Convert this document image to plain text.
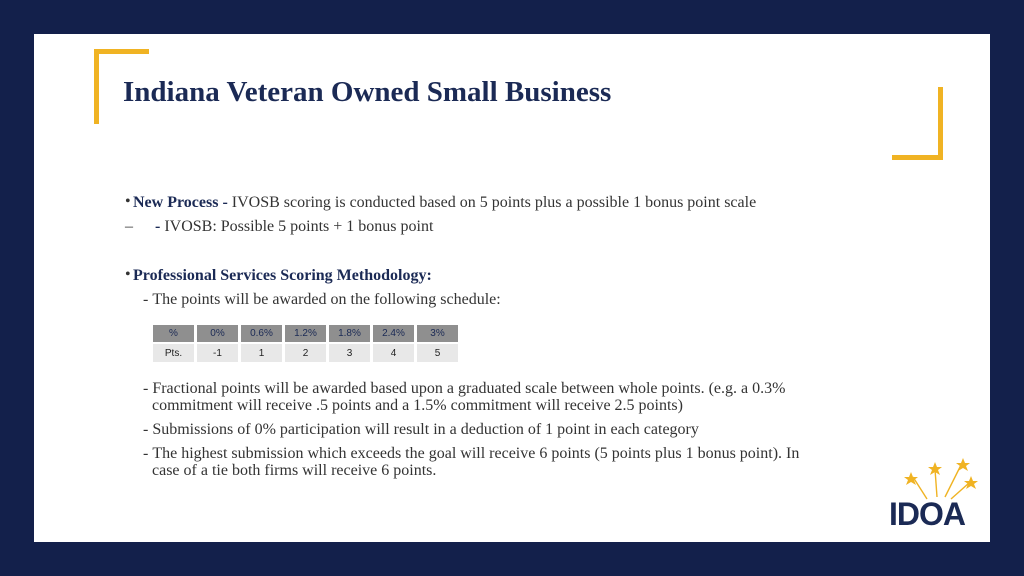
Indiana Veteran Owned Small Business
• New Process - IVOSB scoring is conducted based on 5 points plus a possible 1 bonus point scale
– - IVOSB: Possible 5 points + 1 bonus point
• Professional Services Scoring Methodology:
- The points will be awarded on the following schedule:
%	0%	0.6%	1.2%	1.8%	2.4%	3%
Pts.	-1	1	2	3	4	5
- Fractional points will be awarded based upon a graduated scale between whole points. (e.g. a 0.3%
commitment will receive .5 points and a 1.5% commitment will receive 2.5 points)
- Submissions of 0% participation will result in a deduction of 1 point in each category
- The highest submission which exceeds the goal will receive 6 points (5 points plus 1 bonus point). In
case of a tie both firms will receive 6 points.
IDOA
